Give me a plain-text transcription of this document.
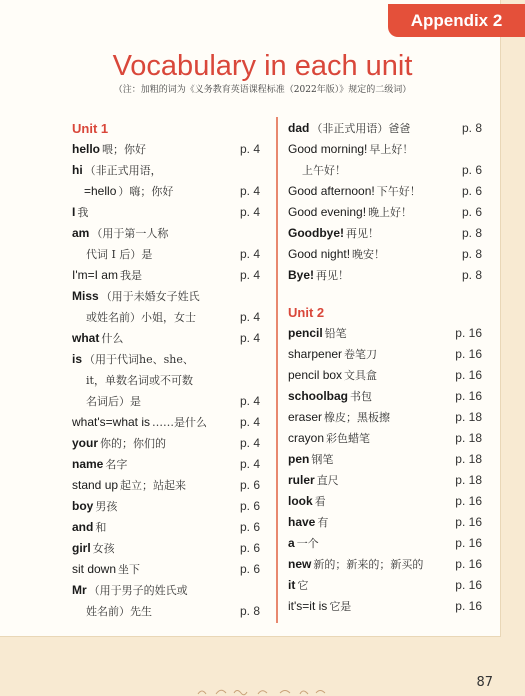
Appendix 2
Vocabulary in each unit
（注：加粗的词为《义务教育英语课程标准（2022年版）》规定的二级词）
Unit 1
hello 喂；你好	p. 4
hi （非正式用语，
=hello ）嗨；你好	p. 4
I 我	p. 4
am （用于第一人称
代词 I 后）是	p. 4
I'm=I am 我是	p. 4
Miss （用于未婚女子姓氏
或姓名前）小姐，女士	p. 4
what 什么	p. 4
is （用于代词he、she、
it，单数名词或不可数
名词后）是	p. 4
what's=what is ……是什么	p. 4
your 你的；你们的	p. 4
name 名字	p. 4
stand up 起立；站起来	p. 6
boy 男孩	p. 6
and 和	p. 6
girl 女孩	p. 6
sit down 坐下	p. 6
Mr （用于男子的姓氏或
姓名前）先生	p. 8
dad （非正式用语）爸爸	p. 8
Good morning! 早上好！
上午好！	p. 6
Good afternoon! 下午好！	p. 6
Good evening! 晚上好！	p. 6
Goodbye! 再见！	p. 8
Good night! 晚安！	p. 8
Bye! 再见！	p. 8
Unit 2
pencil 铅笔	p. 16
sharpener 卷笔刀	p. 16
pencil box 文具盒	p. 16
schoolbag 书包	p. 16
eraser 橡皮；黑板擦	p. 18
crayon 彩色蜡笔	p. 18
pen 钢笔	p. 18
ruler 直尺	p. 18
look 看	p. 16
have 有	p. 16
a 一个	p. 16
new 新的；新来的；新买的	p. 16
it 它	p. 16
it's=it is 它是	p. 16
87
